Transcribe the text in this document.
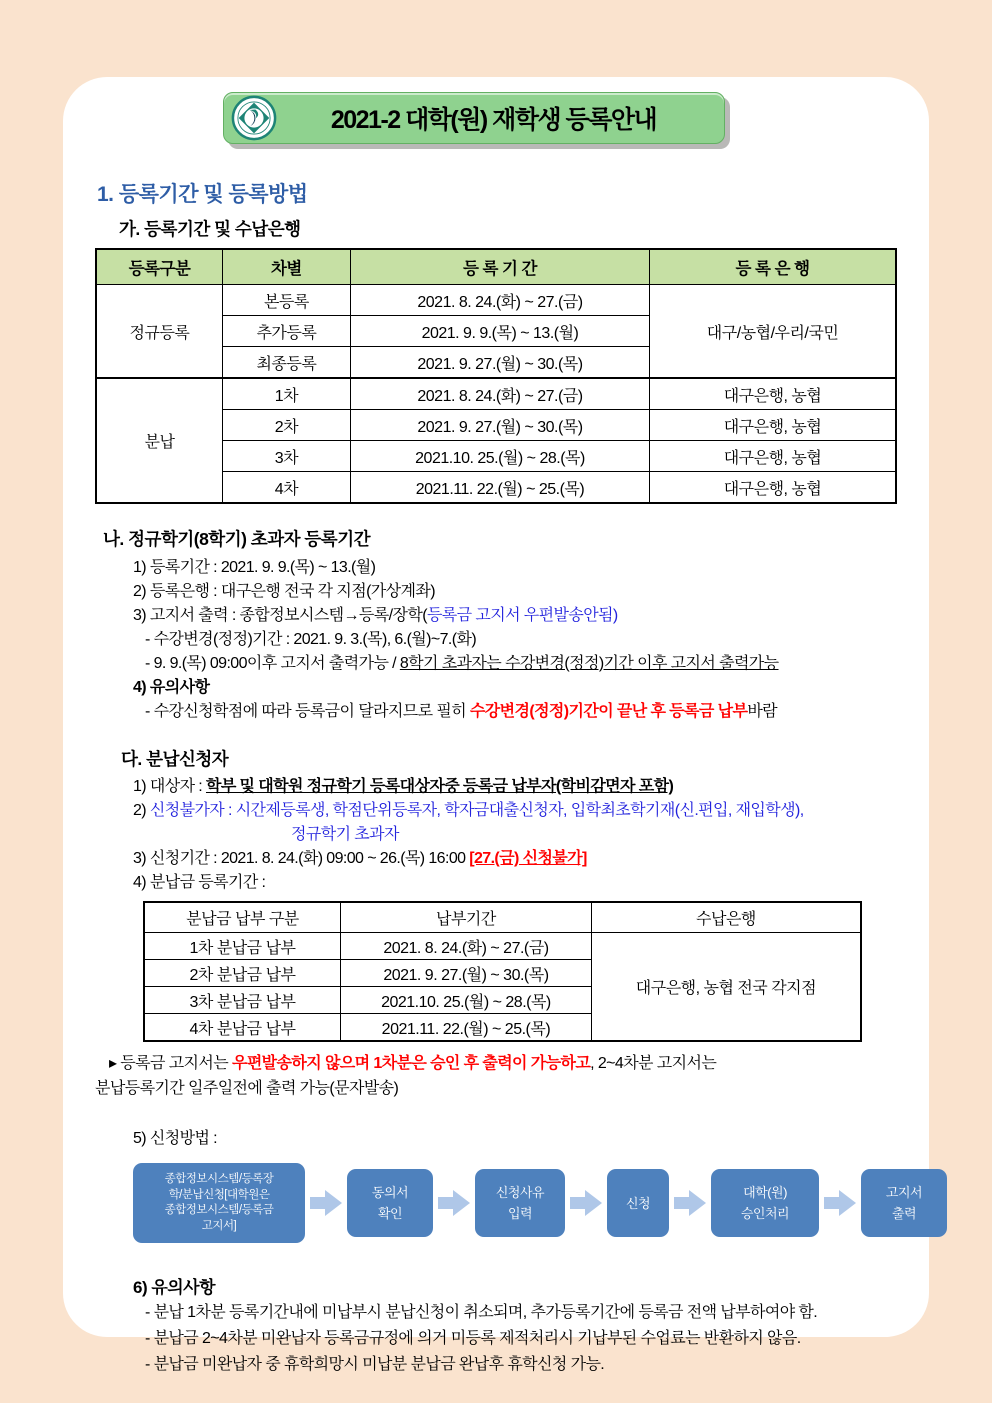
2021-2 대학(원) 재학생 등록안내
1. 등록기간 및 등록방법
가. 등록기간 및 수납은행
등록구분	차별	등 록 기 간	등 록 은 행
정규등록	본등록	2021. 8. 24.(화) ~ 27.(금)	대구/농협/우리/국민
	추가등록	2021. 9. 9.(목) ~ 13.(월)	
	최종등록	2021. 9. 27.(월) ~ 30.(목)	
분납	1차	2021. 8. 24.(화) ~ 27.(금)	대구은행, 농협
	2차	2021. 9. 27.(월) ~ 30.(목)	대구은행, 농협
	3차	2021.10. 25.(월) ~ 28.(목)	대구은행, 농협
	4차	2021.11. 22.(월) ~ 25.(목)	대구은행, 농협
나. 정규학기(8학기) 초과자 등록기간
1) 등록기간 : 2021. 9. 9.(목) ~ 13.(월)
2) 등록은행 : 대구은행 전국 각 지점(가상계좌)
3) 고지서 출력 : 종합정보시스템→등록/장학(등록금 고지서 우편발송안됨)
- 수강변경(정정)기간 : 2021. 9. 3.(목), 6.(월)~7.(화)
- 9. 9.(목) 09:00이후 고지서 출력가능 / 8학기 초과자는 수강변경(정정)기간 이후 고지서 출력가능
4) 유의사항
- 수강신청학점에 따라 등록금이 달라지므로 필히 수강변경(정정)기간이 끝난 후 등록금 납부바람
다. 분납신청자
1) 대상자 : 학부 및 대학원 정규학기 등록대상자중 등록금 납부자(학비감면자 포함)
2) 신청불가자 : 시간제등록생, 학점단위등록자, 학자금대출신청자, 입학최초학기재(신.편입, 재입학생),
정규학기 초과자
3) 신청기간 : 2021. 8. 24.(화) 09:00 ~ 26.(목) 16:00 [27.(금) 신청불가]
4) 분납금 등록기간 :
분납금 납부 구분	납부기간	수납은행
1차 분납금 납부	2021. 8. 24.(화) ~ 27.(금)	대구은행, 농협 전국 각지점
2차 분납금 납부	2021. 9. 27.(월) ~ 30.(목)	
3차 분납금 납부	2021.10. 25.(월) ~ 28.(목)	
4차 분납금 납부	2021.11. 22.(월) ~ 25.(목)	
▸ 등록금 고지서는 우편발송하지 않으며 1차분은 승인 후 출력이 가능하고, 2~4차분 고지서는
분납등록기간 일주일전에 출력 가능(문자발송)
5) 신청방법 :
종합정보시스템/등록장
학/분납신청[대학원은
종합정보시스템/등록금
고지서]
동의서
확인
신청사유
입력
신청
대학(원)
승인처리
고지서
출력
6) 유의사항
- 분납 1차분 등록기간내에 미납부시 분납신청이 취소되며, 추가등록기간에 등록금 전액 납부하여야 함.
- 분납금 2~4차분 미완납자 등록금규정에 의거 미등록 제적처리시 기납부된 수업료는 반환하지 않음.
- 분납금 미완납자 중 휴학희망시 미납분 분납금 완납후 휴학신청 가능.
